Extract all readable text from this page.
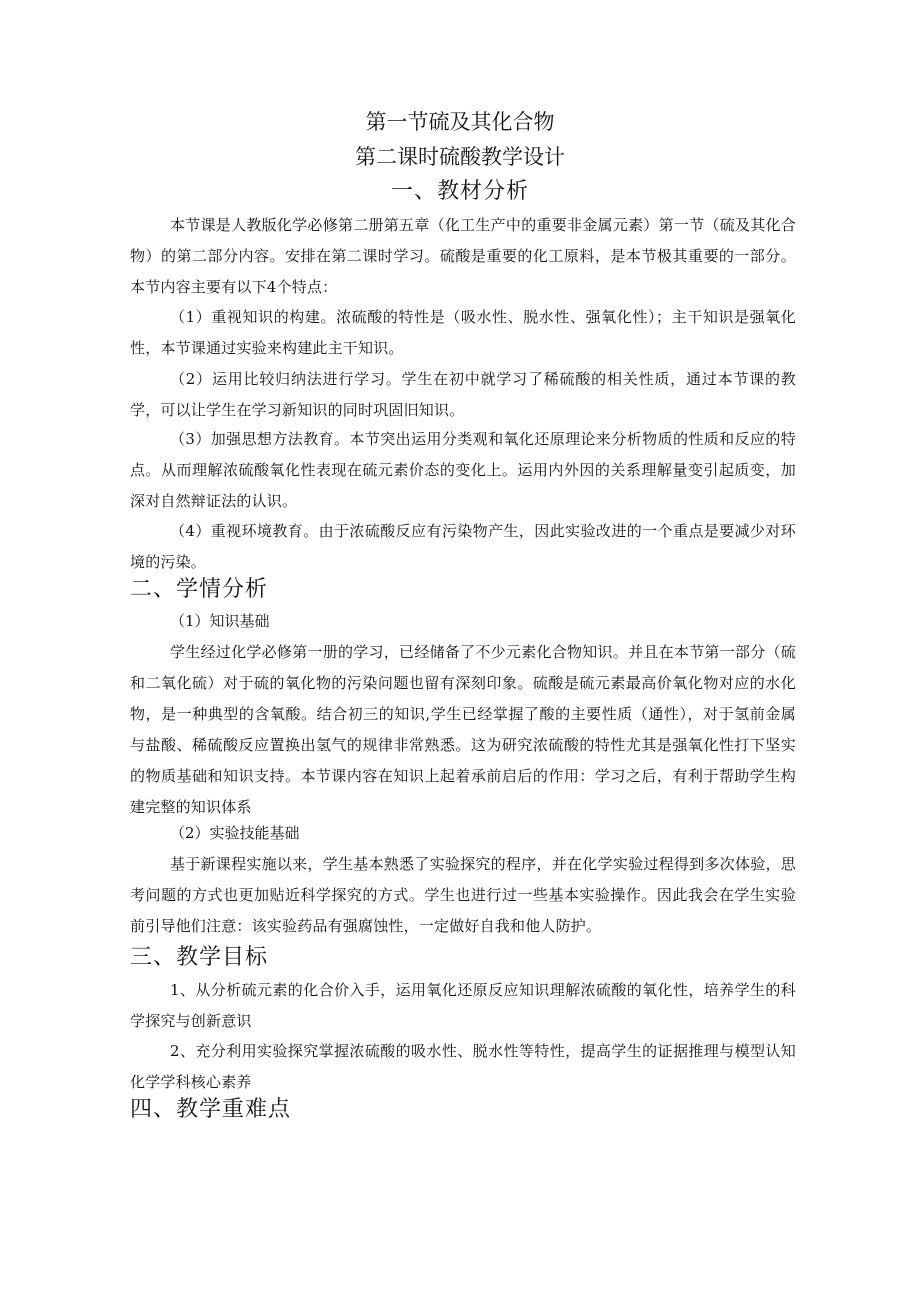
第一节硫及其化合物
第二课时硫酸教学设计
一、教材分析
本节课是人教版化学必修第二册第五章（化工生产中的重要非金属元素）第一节（硫及其化合物）的第二部分内容。安排在第二课时学习。硫酸是重要的化工原料，是本节极其重要的一部分。本节内容主要有以下4个特点：
（1）重视知识的构建。浓硫酸的特性是（吸水性、脱水性、强氧化性）；主干知识是强氧化性，本节课通过实验来构建此主干知识。
（2）运用比较归纳法进行学习。学生在初中就学习了稀硫酸的相关性质，通过本节课的教学，可以让学生在学习新知识的同时巩固旧知识。
（3）加强思想方法教育。本节突出运用分类观和氧化还原理论来分析物质的性质和反应的特点。从而理解浓硫酸氧化性表现在硫元素价态的变化上。运用内外因的关系理解量变引起质变，加深对自然辩证法的认识。
（4）重视环境教育。由于浓硫酸反应有污染物产生，因此实验改进的一个重点是要减少对环境的污染。
二、学情分析
（1）知识基础
学生经过化学必修第一册的学习，已经储备了不少元素化合物知识。并且在本节第一部分（硫和二氧化硫）对于硫的氧化物的污染问题也留有深刻印象。硫酸是硫元素最高价氧化物对应的水化物，是一种典型的含氧酸。结合初三的知识,学生已经掌握了酸的主要性质（通性），对于氢前金属与盐酸、稀硫酸反应置换出氢气的规律非常熟悉。这为研究浓硫酸的特性尤其是强氧化性打下坚实的物质基础和知识支持。本节课内容在知识上起着承前启后的作用：学习之后，有利于帮助学生构建完整的知识体系
（2）实验技能基础
基于新课程实施以来，学生基本熟悉了实验探究的程序，并在化学实验过程得到多次体验，思考问题的方式也更加贴近科学探究的方式。学生也进行过一些基本实验操作。因此我会在学生实验前引导他们注意：该实验药品有强腐蚀性，一定做好自我和他人防护。
三、教学目标
1、从分析硫元素的化合价入手，运用氧化还原反应知识理解浓硫酸的氧化性，培养学生的科学探究与创新意识
2、充分利用实验探究掌握浓硫酸的吸水性、脱水性等特性，提高学生的证据推理与模型认知化学学科核心素养
四、教学重难点
